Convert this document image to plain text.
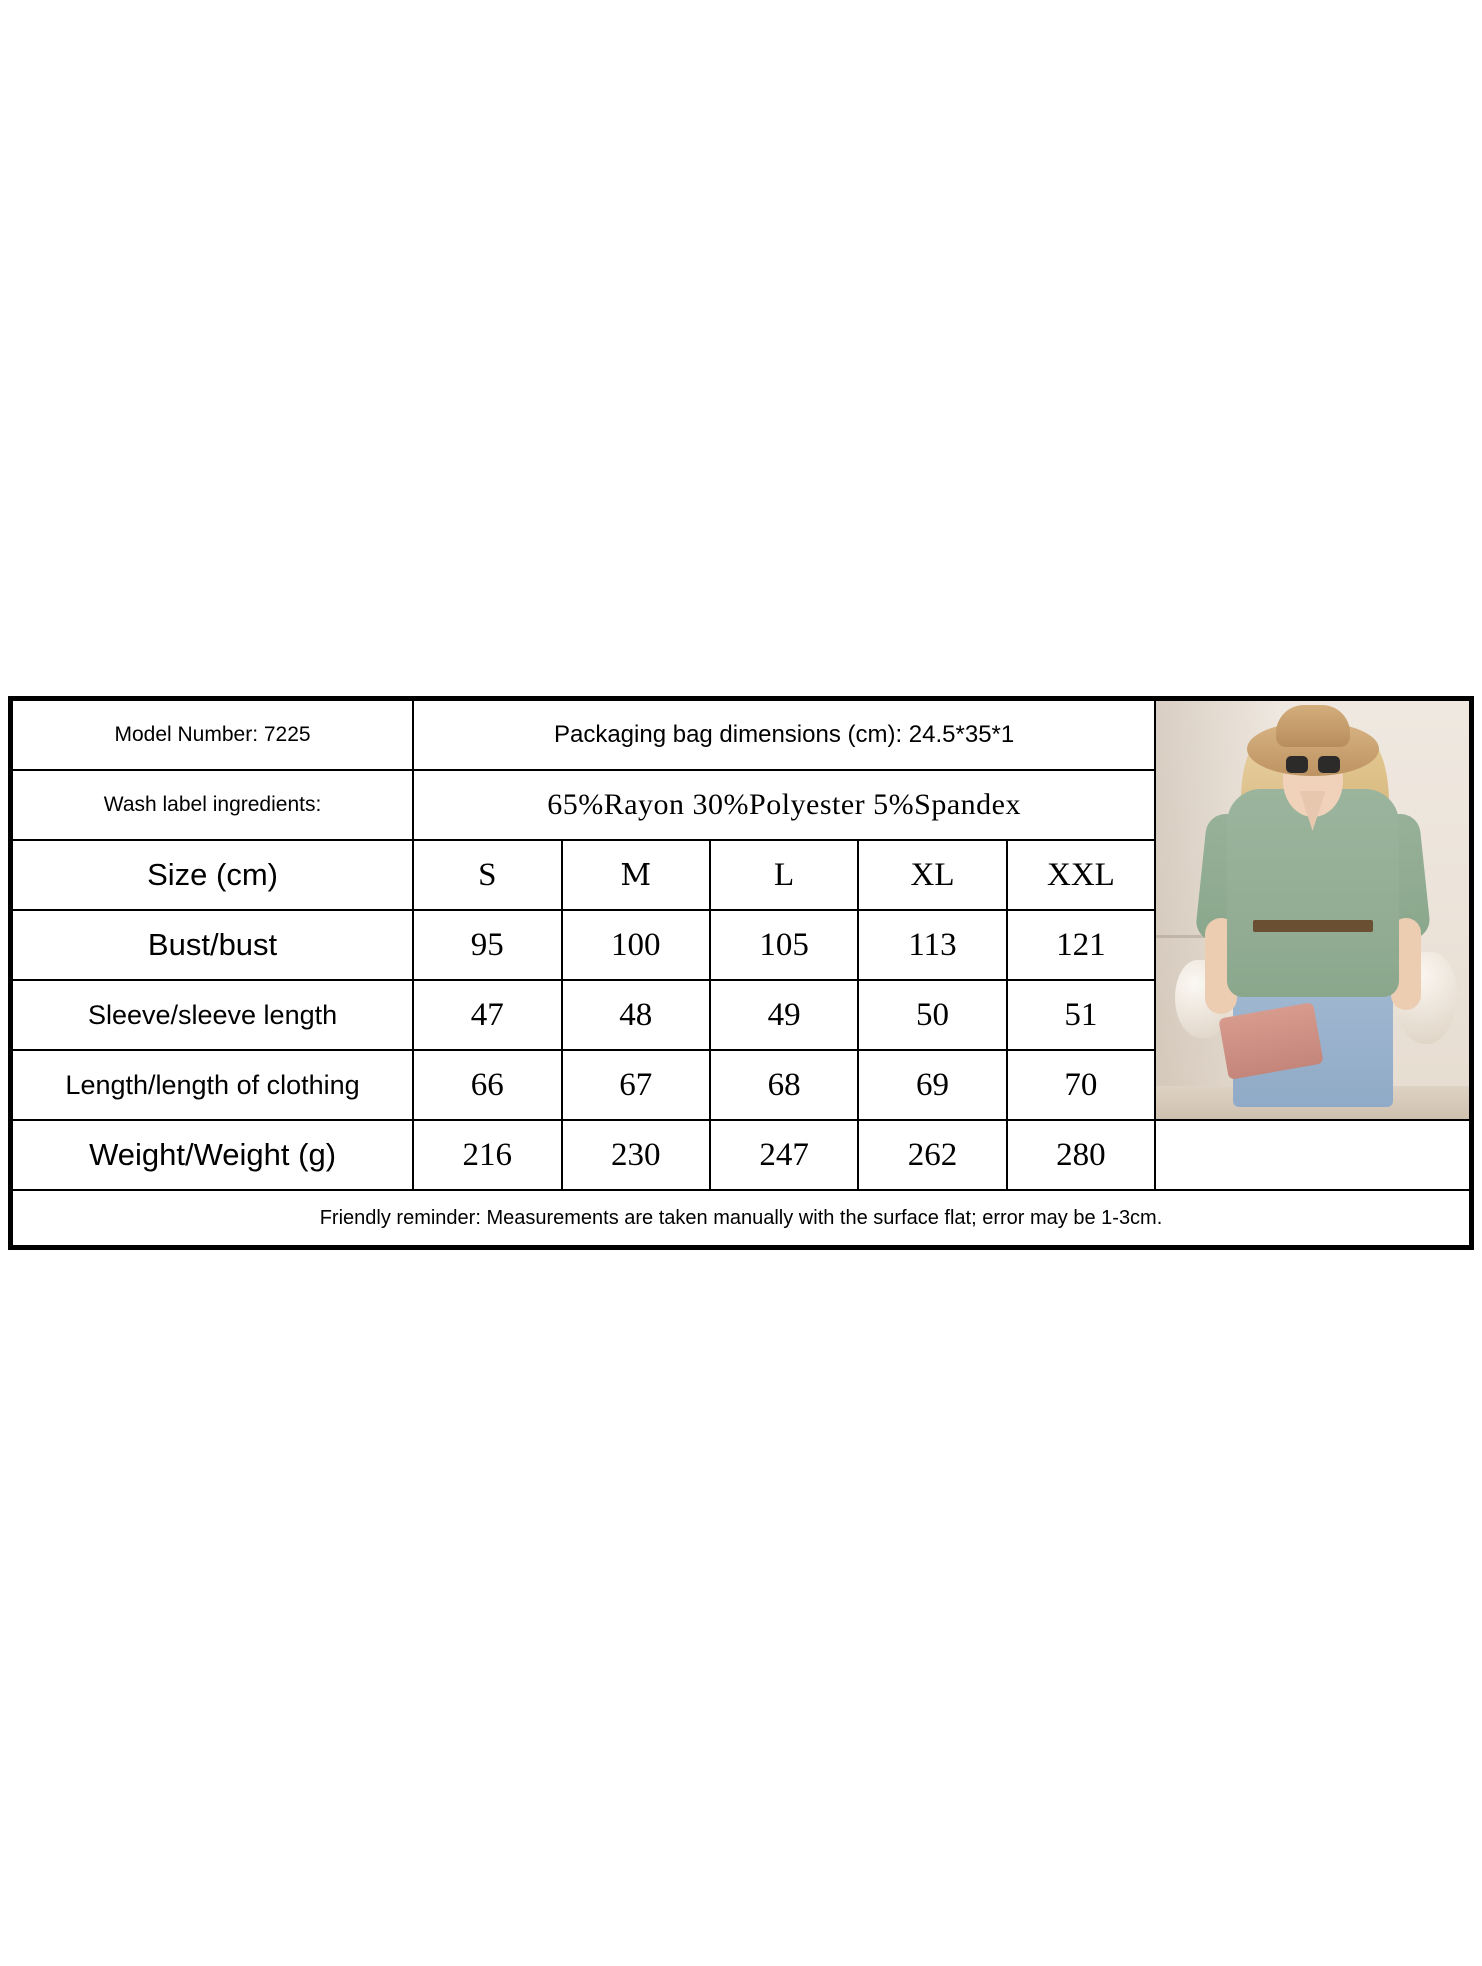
Model Number: 7225	Packaging bag dimensions (cm): 24.5*35*1					

Wash label ingredients:	65%Rayon 30%Polyester 5%Spandex					
Size (cm)	S	M	L	XL	XXL	
Bust/bust	95	100	105	113	121	
Sleeve/sleeve length	47	48	49	50	51	
Length/length of clothing	66	67	68	69	70	
Weight/Weight (g)	216	230	247	262	280	
Friendly reminder: Measurements are taken manually with the surface flat; error may be 1-3cm.						
